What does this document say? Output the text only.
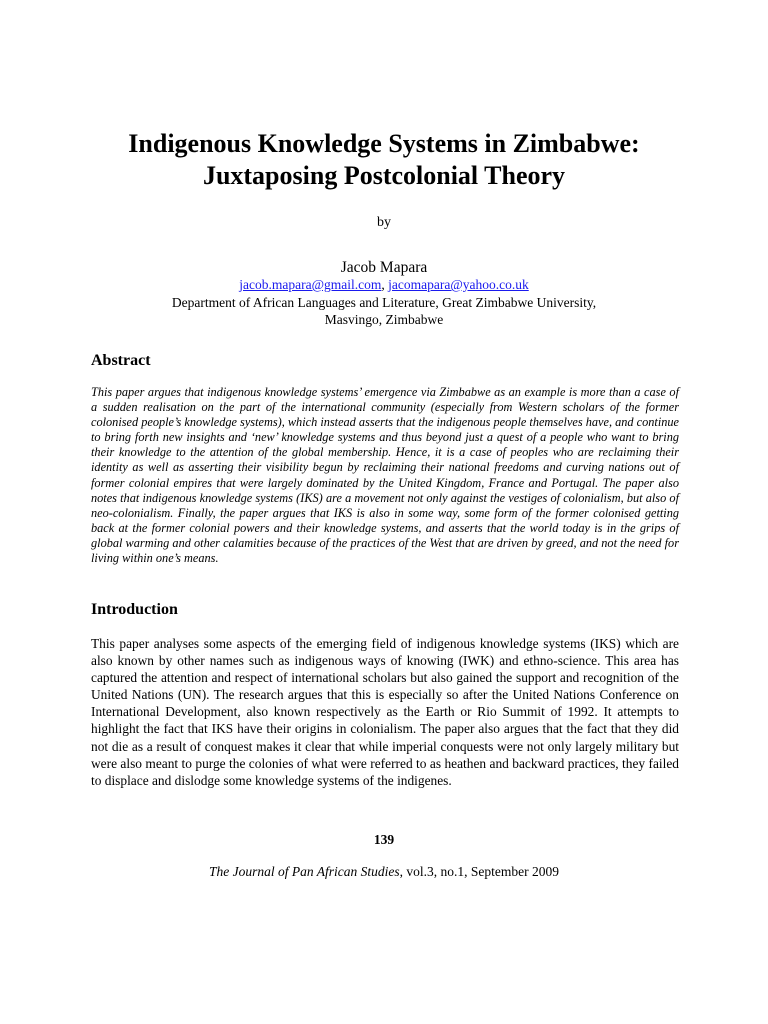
Indigenous Knowledge Systems in Zimbabwe:
Juxtaposing Postcolonial Theory

by

Jacob Mapara

jacob.mapara@gmail.com, jacomapara@yahoo.co.uk

Department of African Languages and Literature, Great Zimbabwe University,
Masvingo, Zimbabwe

Abstract

This paper argues that indigenous knowledge systems’ emergence via Zimbabwe as an example is more than a case of a sudden realisation on the part of the international community (especially from Western scholars of the former colonised people’s knowledge systems), which instead asserts that the indigenous people themselves have, and continue to bring forth new insights and ‘new’ knowledge systems and thus beyond just a quest of a people who want to bring their knowledge to the attention of the global membership. Hence, it is a case of peoples who are reclaiming their identity as well as asserting their visibility begun by reclaiming their national freedoms and curving nations out of former colonial empires that were largely dominated by the United Kingdom, France and Portugal. The paper also notes that indigenous knowledge systems (IKS) are a movement not only against the vestiges of colonialism, but also of neo-colonialism. Finally, the paper argues that IKS is also in some way, some form of the former colonised getting back at the former colonial powers and their knowledge systems, and asserts that the world today is in the grips of global warming and other calamities because of the practices of the West that are driven by greed, and not the need for living within one’s means.

Introduction

This paper analyses some aspects of the emerging field of indigenous knowledge systems (IKS) which are also known by other names such as indigenous ways of knowing (IWK) and ethno-science. This area has captured the attention and respect of international scholars but also gained the support and recognition of the United Nations (UN). The research argues that this is especially so after the United Nations Conference on International Development, also known respectively as the Earth or Rio Summit of 1992. It attempts to highlight the fact that IKS have their origins in colonialism. The paper also argues that the fact that they did not die as a result of conquest makes it clear that while imperial conquests were not only largely military but were also meant to purge the colonies of what were referred to as heathen and backward practices, they failed to displace and dislodge some knowledge systems of the indigenes.

139

The Journal of Pan African Studies, vol.3, no.1, September 2009
